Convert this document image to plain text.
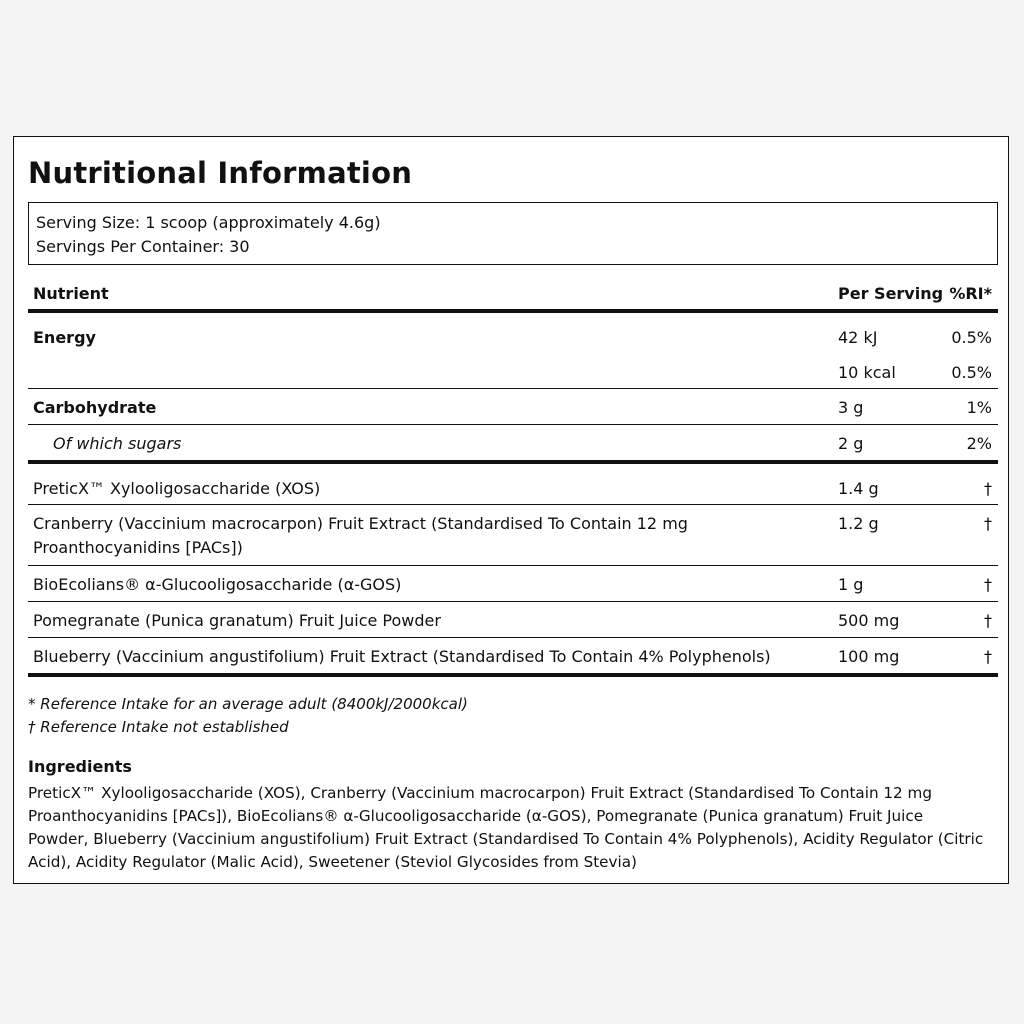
Nutritional Information
Serving Size: 1 scoop (approximately 4.6g)
Servings Per Container: 30
Nutrient	Per Serving %RI*
Energy	42 kJ	0.5%
10 kcal	0.5%
Carbohydrate	3 g	1%
Of which sugars	2 g	2%
PreticX™ Xylooligosaccharide (XOS)	1.4 g	†
Cranberry (Vaccinium macrocarpon) Fruit Extract (Standardised To Contain 12 mg
Proanthocyanidins [PACs])
1.2 g	†
BioEcolians® α-Glucooligosaccharide (α-GOS)	1 g	†
Pomegranate (Punica granatum) Fruit Juice Powder	500 mg	†
Blueberry (Vaccinium angustifolium) Fruit Extract (Standardised To Contain 4% Polyphenols)	100 mg	†
* Reference Intake for an average adult (8400kJ/2000kcal)
† Reference Intake not established
Ingredients
PreticX™ Xylooligosaccharide (XOS), Cranberry (Vaccinium macrocarpon) Fruit Extract (Standardised To Contain 12 mg
Proanthocyanidins [PACs]), BioEcolians® α-Glucooligosaccharide (α-GOS), Pomegranate (Punica granatum) Fruit Juice
Powder, Blueberry (Vaccinium angustifolium) Fruit Extract (Standardised To Contain 4% Polyphenols), Acidity Regulator (Citric
Acid), Acidity Regulator (Malic Acid), Sweetener (Steviol Glycosides from Stevia)
